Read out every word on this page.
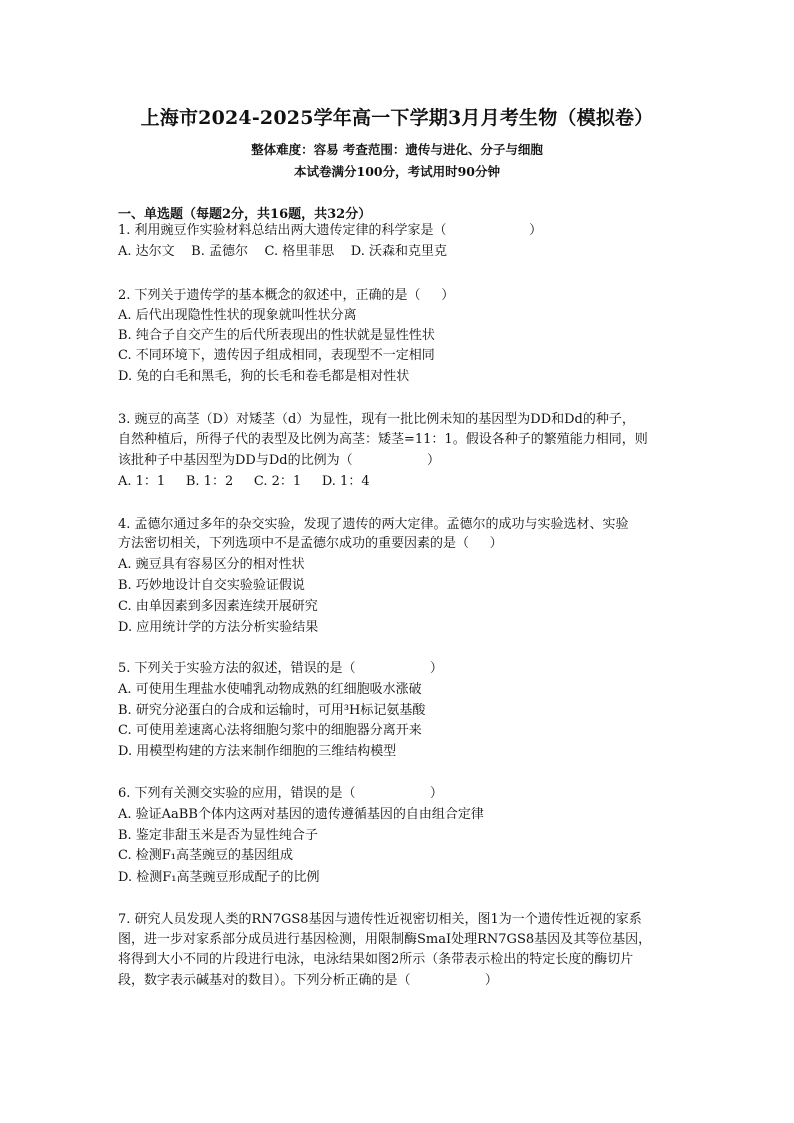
上海市2024-2025学年高一下学期3月月考生物（模拟卷）
整体难度：容易 考查范围：遗传与进化、分子与细胞
本试卷满分100分，考试用时90分钟
一、单选题（每题2分，共16题，共32分）
1. 利用豌豆作实验材料总结出两大遗传定律的科学家是（                    ）
A. 达尔文    B. 孟德尔    C. 格里菲思    D. 沃森和克里克
2. 下列关于遗传学的基本概念的叙述中，正确的是（     ）
A. 后代出现隐性性状的现象就叫性状分离
B. 纯合子自交产生的后代所表现出的性状就是显性性状
C. 不同环境下，遗传因子组成相同，表现型不一定相同
D. 兔的白毛和黑毛，狗的长毛和卷毛都是相对性状
3. 豌豆的高茎（D）对矮茎（d）为显性，现有一批比例未知的基因型为DD和Dd的种子，
自然种植后，所得子代的表型及比例为高茎：矮茎=11：1。假设各种子的繁殖能力相同，则
该批种子中基因型为DD与Dd的比例为（                  ）
A. 1：1     B. 1：2     C. 2：1     D. 1：4
4. 孟德尔通过多年的杂交实验，发现了遗传的两大定律。孟德尔的成功与实验选材、实验
方法密切相关，下列选项中不是孟德尔成功的重要因素的是（     ）
A. 豌豆具有容易区分的相对性状
B. 巧妙地设计自交实验验证假说
C. 由单因素到多因素连续开展研究
D. 应用统计学的方法分析实验结果
5. 下列关于实验方法的叙述，错误的是（                  ）
A. 可使用生理盐水使哺乳动物成熟的红细胞吸水涨破
B. 研究分泌蛋白的合成和运输时，可用³H标记氨基酸
C. 可使用差速离心法将细胞匀浆中的细胞器分离开来
D. 用模型构建的方法来制作细胞的三维结构模型
6. 下列有关测交实验的应用，错误的是（                  ）
A. 验证AaBB个体内这两对基因的遗传遵循基因的自由组合定律
B. 鉴定非甜玉米是否为显性纯合子
C. 检测F₁高茎豌豆的基因组成
D. 检测F₁高茎豌豆形成配子的比例
7. 研究人员发现人类的RN7GS8基因与遗传性近视密切相关，图1为一个遗传性近视的家系
图，进一步对家系部分成员进行基因检测，用限制酶SmaⅠ处理RN7GS8基因及其等位基因，
将得到大小不同的片段进行电泳，电泳结果如图2所示（条带表示检出的特定长度的酶切片
段，数字表示碱基对的数目）。下列分析正确的是（                  ）
